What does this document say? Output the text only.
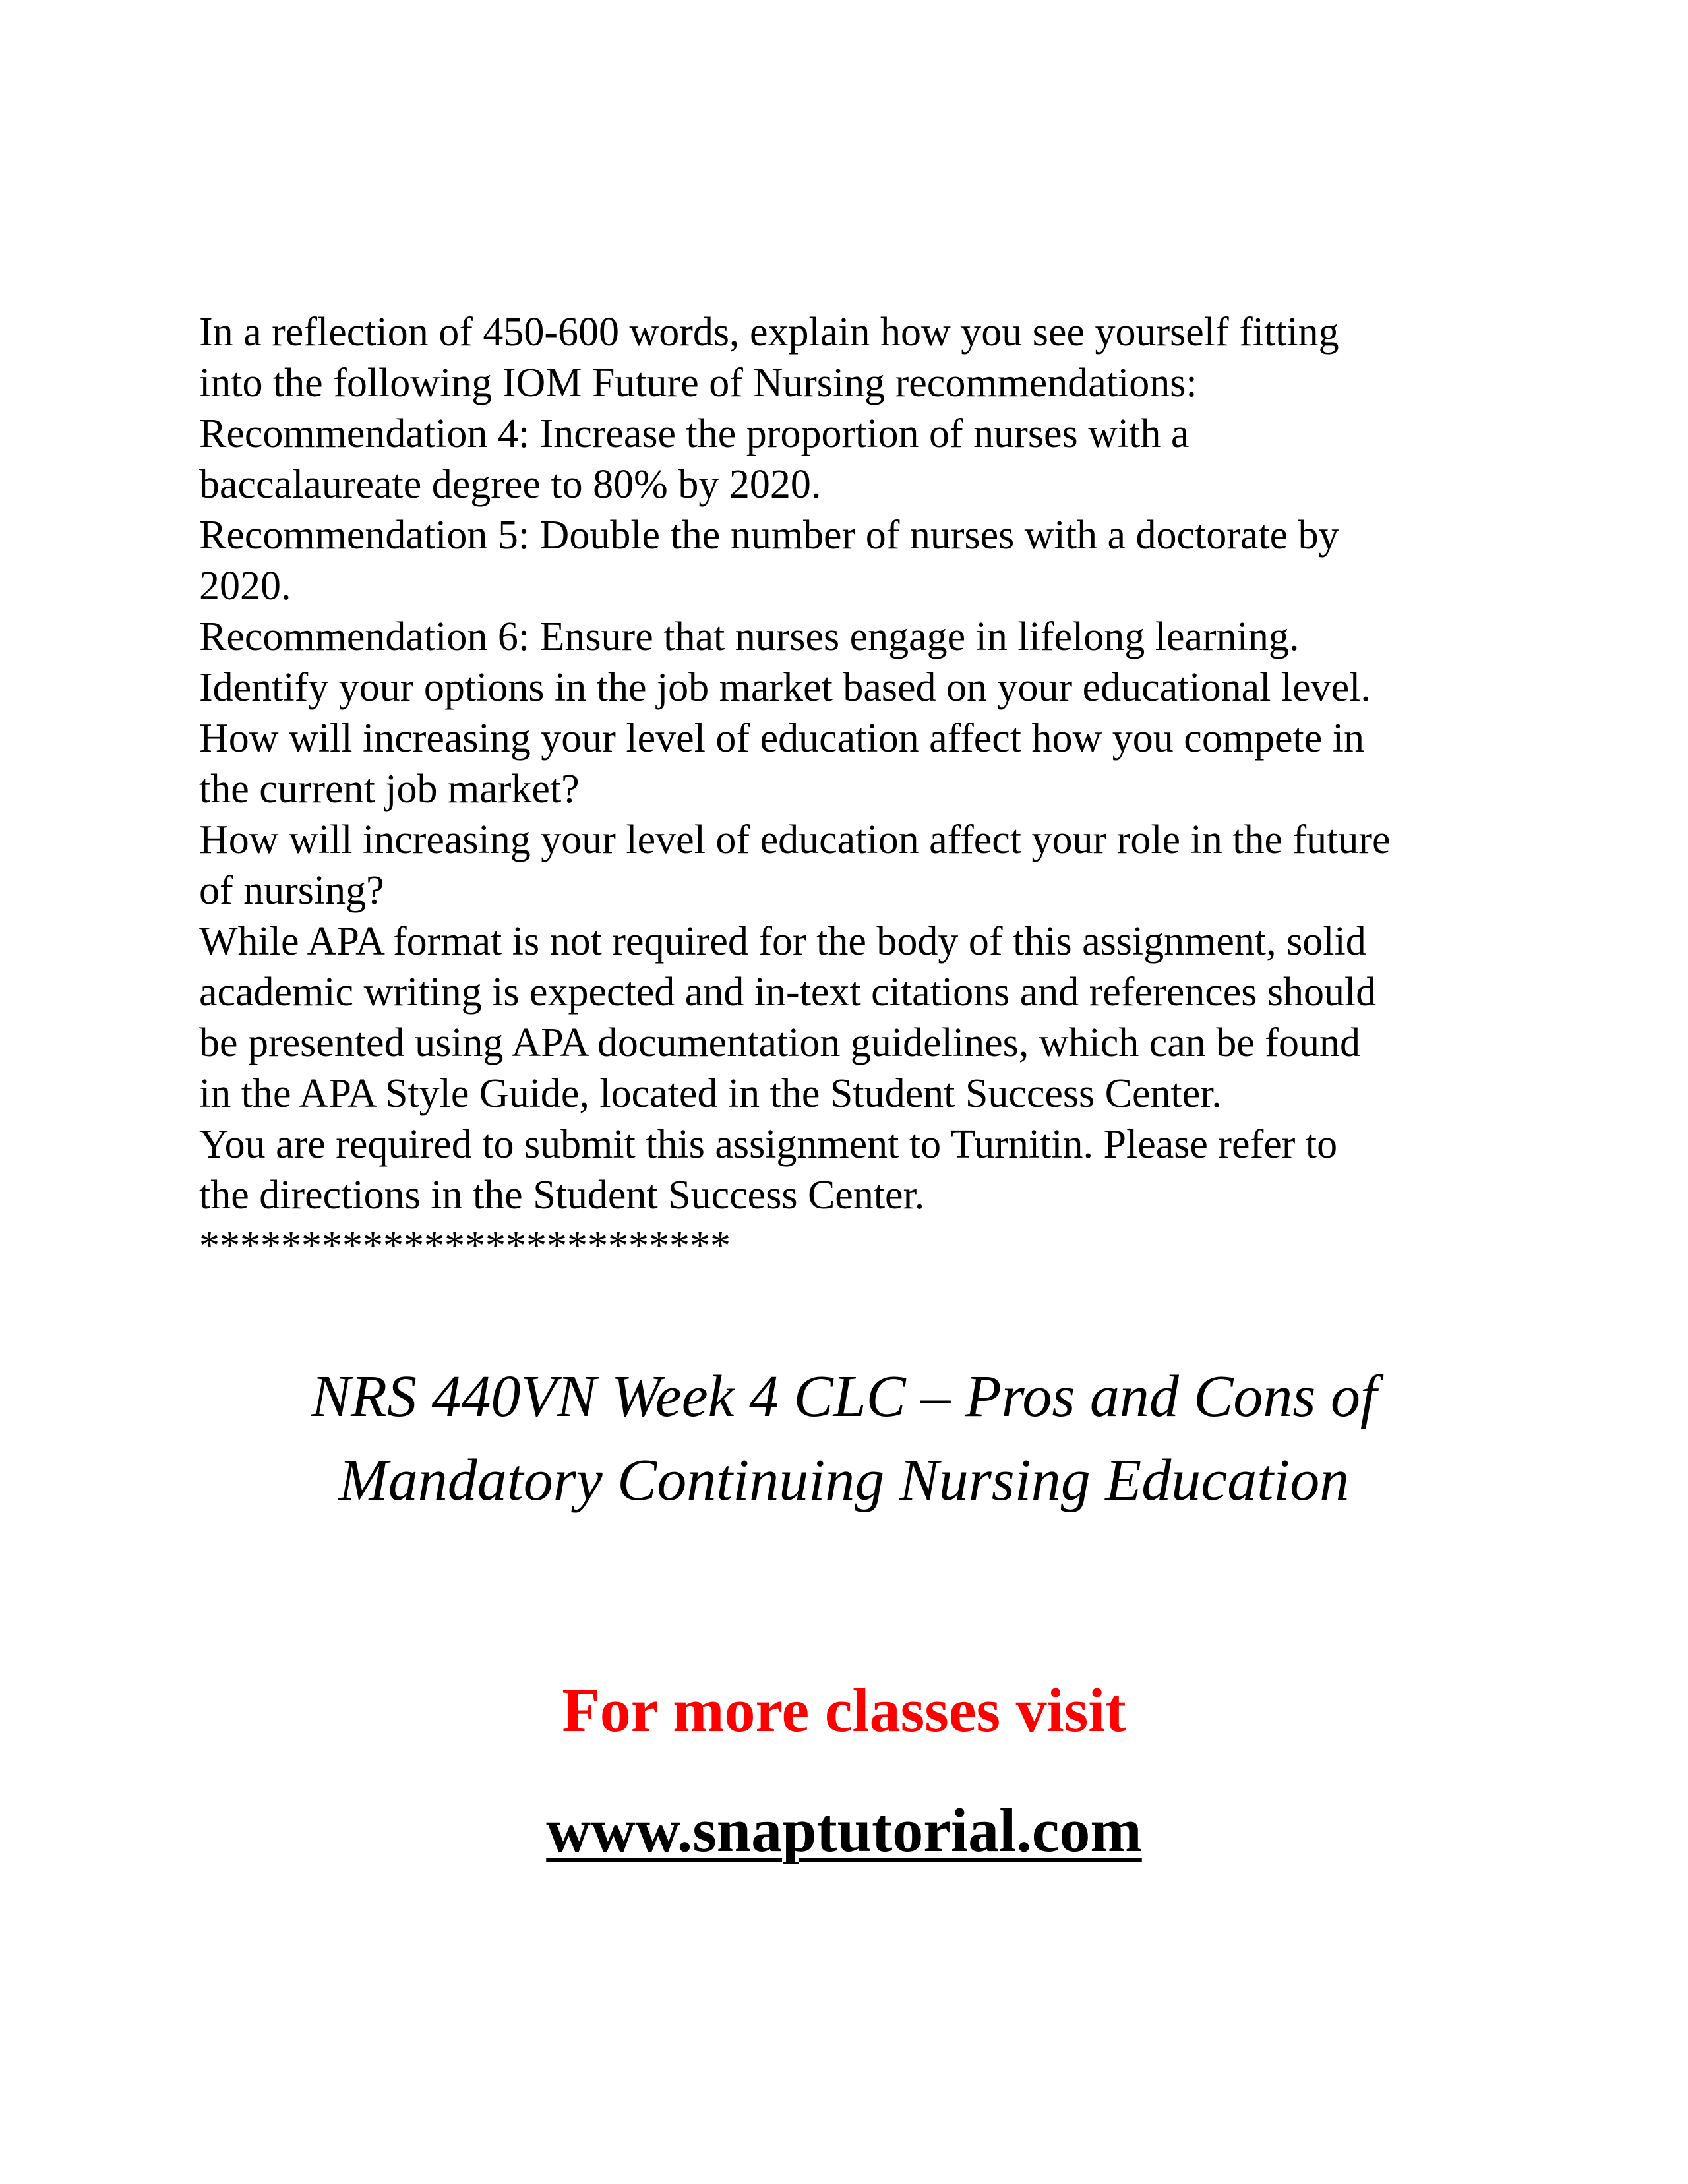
In a reflection of 450-600 words, explain how you see yourself fitting
into the following IOM Future of Nursing recommendations:
Recommendation 4: Increase the proportion of nurses with a
baccalaureate degree to 80% by 2020.
Recommendation 5: Double the number of nurses with a doctorate by
2020.
Recommendation 6: Ensure that nurses engage in lifelong learning.
Identify your options in the job market based on your educational level.
How will increasing your level of education affect how you compete in
the current job market?
How will increasing your level of education affect your role in the future
of nursing?
While APA format is not required for the body of this assignment, solid
academic writing is expected and in-text citations and references should
be presented using APA documentation guidelines, which can be found
in the APA Style Guide, located in the Student Success Center.
You are required to submit this assignment to Turnitin. Please refer to
the directions in the Student Success Center.
**************************
NRS 440VN Week 4 CLC – Pros and Cons of
Mandatory Continuing Nursing Education
For more classes visit
www.snaptutorial.com
